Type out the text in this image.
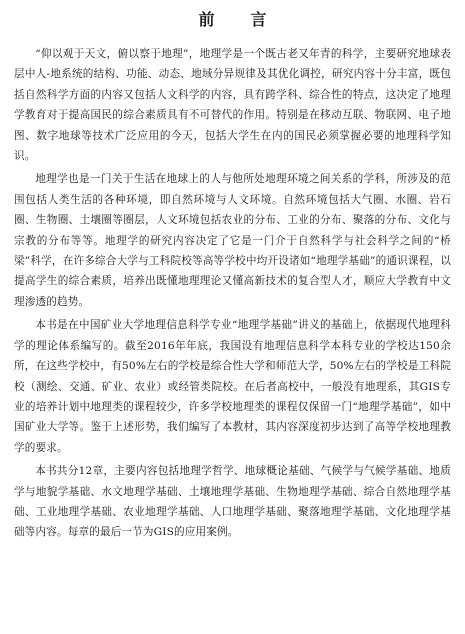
前　言

“仰以观于天文，俯以察于地理”，地理学是一个既古老又年青的科学，主要研究地球表层中人-地系统的结构、功能、动态、地域分异规律及其优化调控，研究内容十分丰富，既包括自然科学方面的内容又包括人文科学的内容，具有跨学科、综合性的特点，这决定了地理学教育对于提高国民的综合素质具有不可替代的作用。特别是在移动互联、物联网、电子地图、数字地球等技术广泛应用的今天，包括大学生在内的国民必须掌握必要的地理科学知识。

地理学也是一门关于生活在地球上的人与他所处地理环境之间关系的学科，所涉及的范围包括人类生活的各种环境，即自然环境与人文环境。自然环境包括大气圈、水圈、岩石圈、生物圈、土壤圈等圈层，人文环境包括农业的分布、工业的分布、聚落的分布、文化与宗教的分布等等。地理学的研究内容决定了它是一门介于自然科学与社会科学之间的“桥梁”科学，在许多综合大学与工科院校等高等学校中均开设诸如“地理学基础”的通识课程，以提高学生的综合素质，培养出既懂地理理论又懂高新技术的复合型人才，顺应大学教育中文理渗透的趋势。

本书是在中国矿业大学地理信息科学专业“地理学基础”讲义的基础上，依据现代地理科学的理论体系编写的。截至2016年年底，我国设有地理信息科学本科专业的学校达150余所，在这些学校中，有50%左右的学校是综合性大学和师范大学，50%左右的学校是工科院校（测绘、交通、矿业、农业）或经管类院校。在后者高校中，一般没有地理系，其GIS专业的培养计划中地理类的课程较少，许多学校地理类的课程仅保留一门“地理学基础”，如中国矿业大学等。鉴于上述形势，我们编写了本教材，其内容深度初步达到了高等学校地理教学的要求。

本书共分12章，主要内容包括地理学哲学、地球概论基础、气候学与气候学基础、地质学与地貌学基础、水文地理学基础、土壤地理学基础、生物地理学基础、综合自然地理学基础、工业地理学基础、农业地理学基础、人口地理学基础、聚落地理学基础、文化地理学基础等内容。每章的最后一节为GIS的应用案例。
